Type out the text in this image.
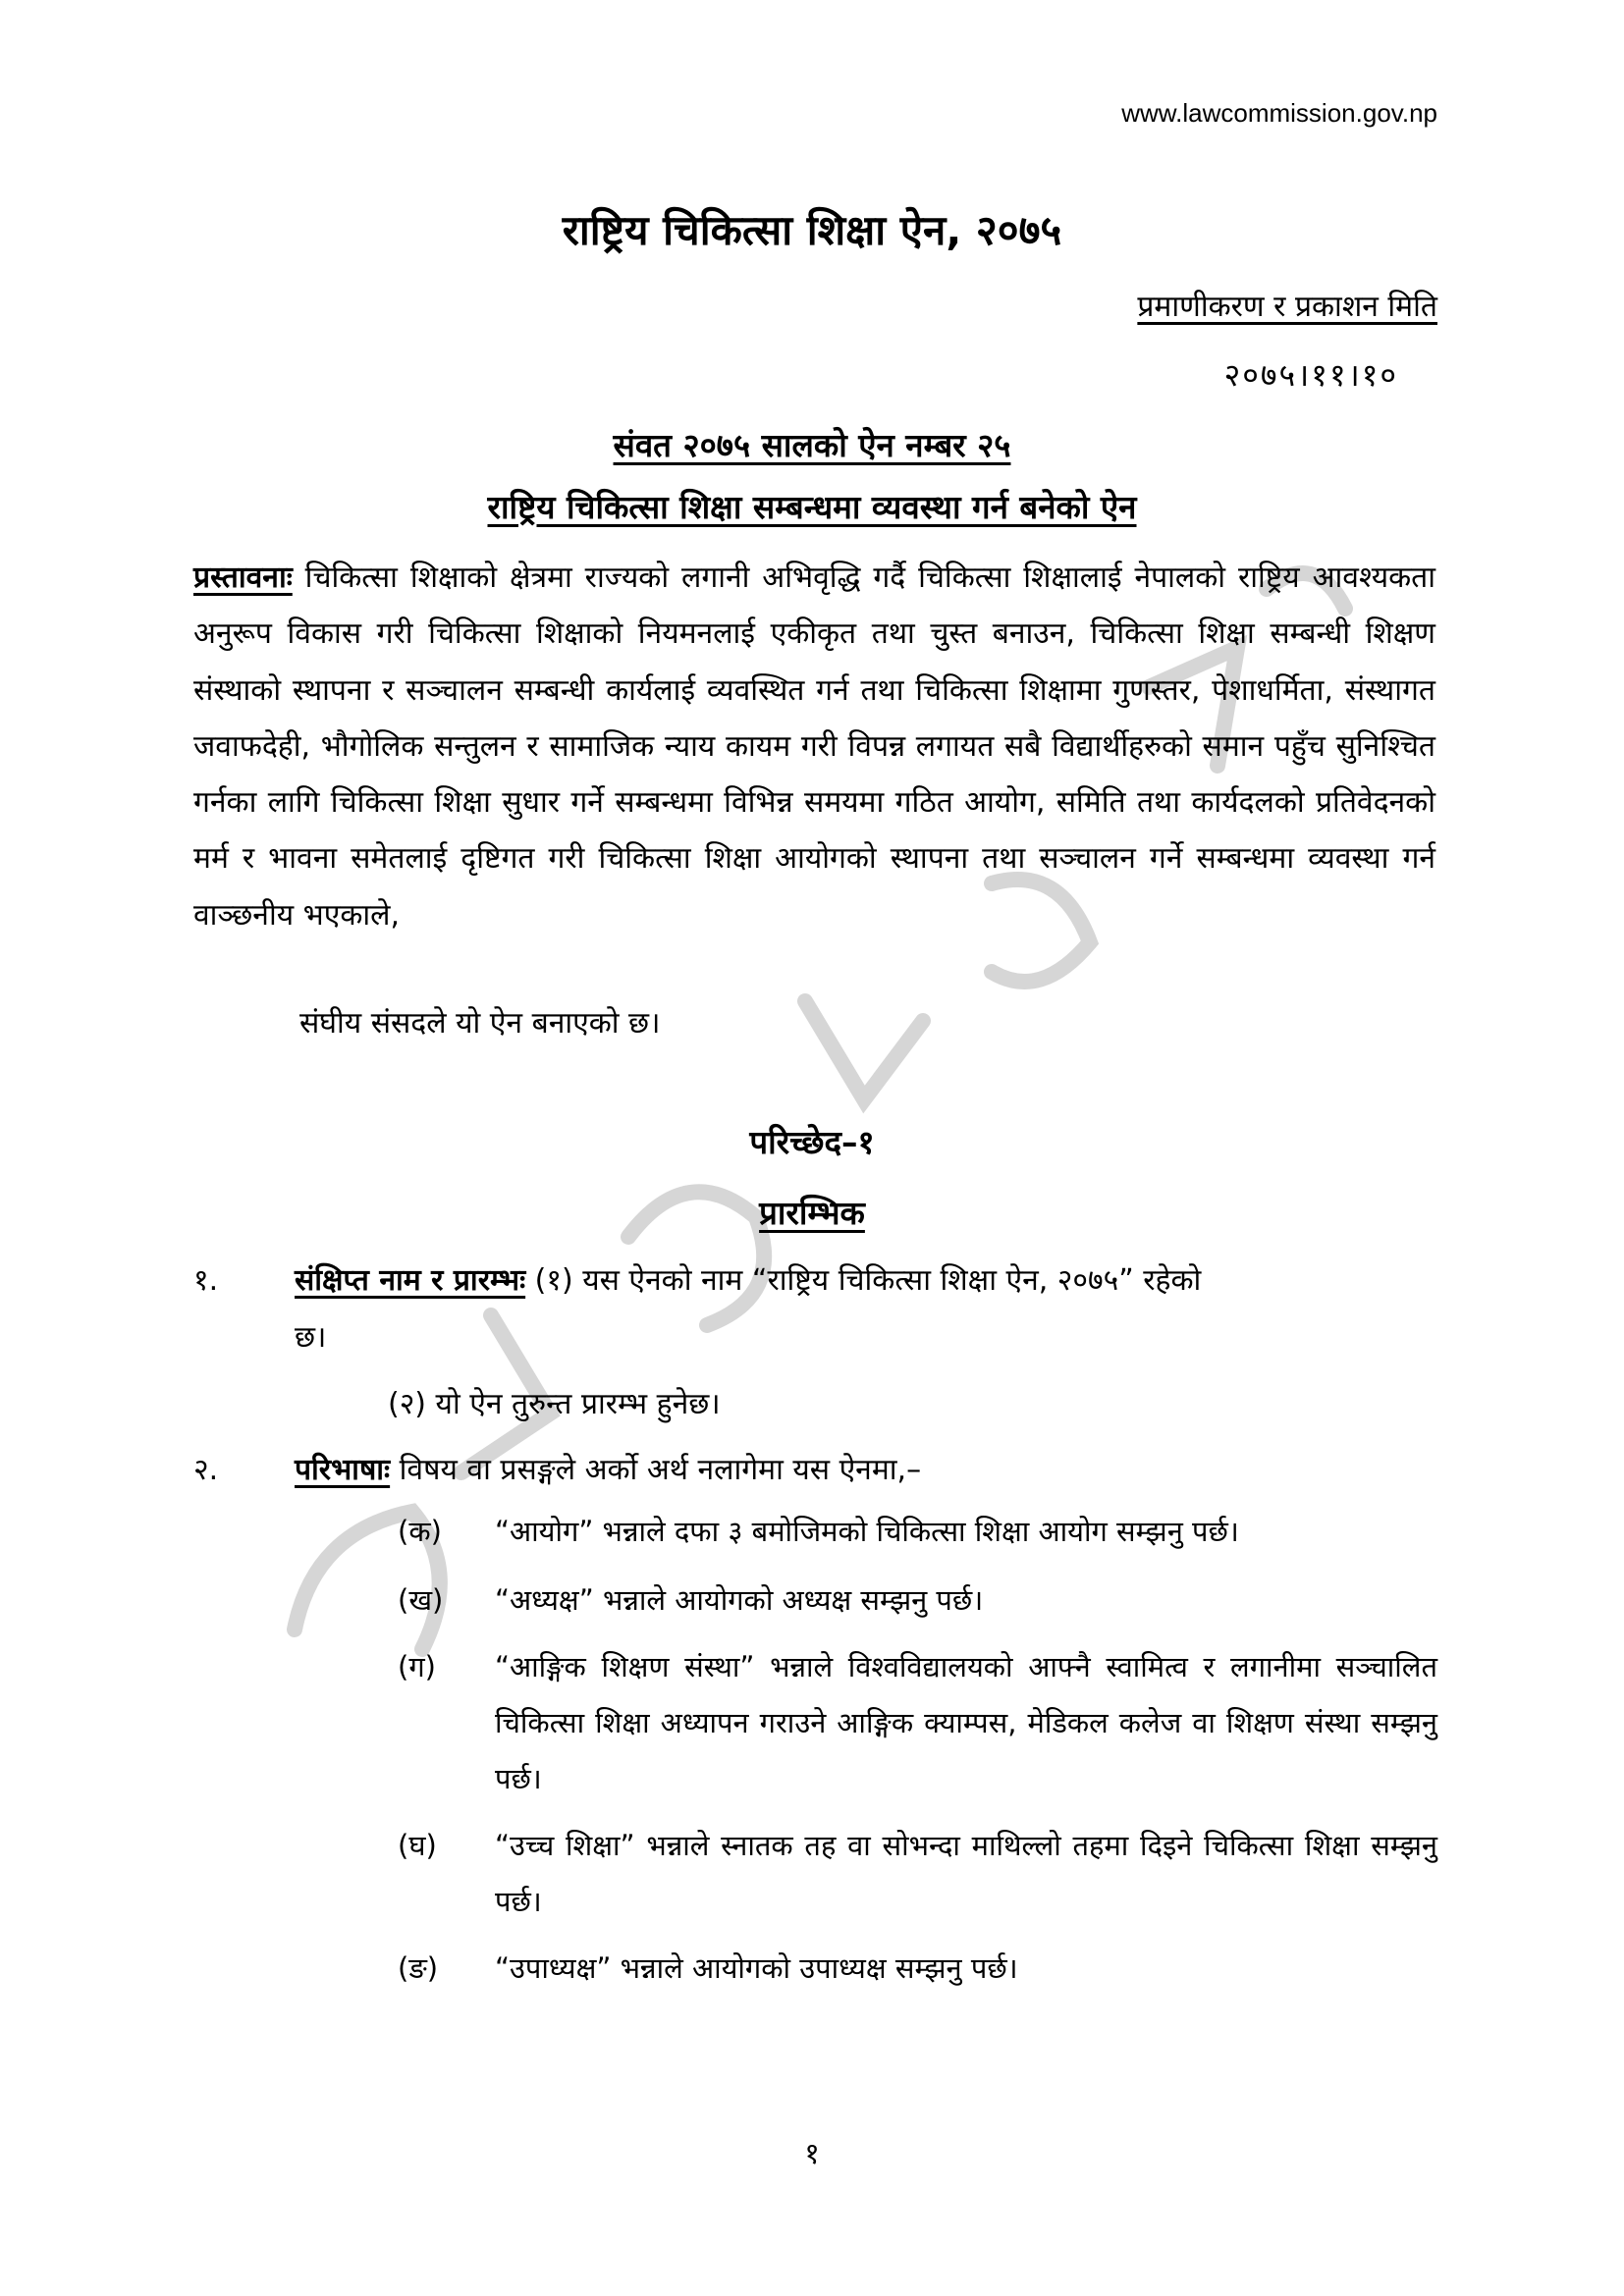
www.lawcommission.gov.np
राष्ट्रिय चिकित्सा शिक्षा ऐन, २०७५
प्रमाणीकरण र प्रकाशन मिति
२०७५।११।१०
संवत २०७५ सालको ऐन नम्बर २५
राष्ट्रिय चिकित्सा शिक्षा सम्बन्धमा व्यवस्था गर्न बनेको ऐन
प्रस्तावनाः चिकित्सा शिक्षाको क्षेत्रमा राज्यको लगानी अभिवृद्धि गर्दै चिकित्सा शिक्षालाई नेपालको राष्ट्रिय आवश्यकता अनुरूप विकास गरी चिकित्सा शिक्षाको नियमनलाई एकीकृत तथा चुस्त बनाउन, चिकित्सा शिक्षा सम्बन्धी शिक्षण संस्थाको स्थापना र सञ्चालन सम्बन्धी कार्यलाई व्यवस्थित गर्न तथा चिकित्सा शिक्षामा गुणस्तर, पेशाधर्मिता, संस्थागत जवाफदेही, भौगोलिक सन्तुलन र सामाजिक न्याय कायम गरी विपन्न लगायत सबै विद्यार्थीहरुको समान पहुँच सुनिश्चित गर्नका लागि चिकित्सा शिक्षा सुधार गर्ने सम्बन्धमा विभिन्न समयमा गठित आयोग, समिति तथा कार्यदलको प्रतिवेदनको मर्म र भावना समेतलाई दृष्टिगत गरी चिकित्सा शिक्षा आयोगको स्थापना तथा सञ्चालन गर्ने सम्बन्धमा व्यवस्था गर्न वाञ्छनीय भएकाले,
संघीय संसदले यो ऐन बनाएको छ।
परिच्छेद–१
प्रारम्भिक
१.	संक्षिप्त नाम र प्रारम्भः (१) यस ऐनको नाम “राष्ट्रिय चिकित्सा शिक्षा ऐन, २०७५” रहेको
छ।
(२) यो ऐन तुरुन्त प्रारम्भ हुनेछ।
२.	परिभाषाः विषय वा प्रसङ्गले अर्को अर्थ नलागेमा यस ऐनमा,–
(क) “आयोग” भन्नाले दफा ३ बमोजिमको चिकित्सा शिक्षा आयोग सम्झनु पर्छ।
(ख) “अध्यक्ष” भन्नाले आयोगको अध्यक्ष सम्झनु पर्छ।
(ग) “आङ्गिक शिक्षण संस्था” भन्नाले विश्वविद्यालयको आफ्नै स्वामित्व र लगानीमा सञ्चालित चिकित्सा शिक्षा अध्यापन गराउने आङ्गिक क्याम्पस, मेडिकल कलेज वा शिक्षण संस्था सम्झनु पर्छ।
(घ) “उच्च शिक्षा” भन्नाले स्नातक तह वा सोभन्दा माथिल्लो तहमा दिइने चिकित्सा शिक्षा सम्झनु पर्छ।
(ङ) “उपाध्यक्ष” भन्नाले आयोगको उपाध्यक्ष सम्झनु पर्छ।
१
